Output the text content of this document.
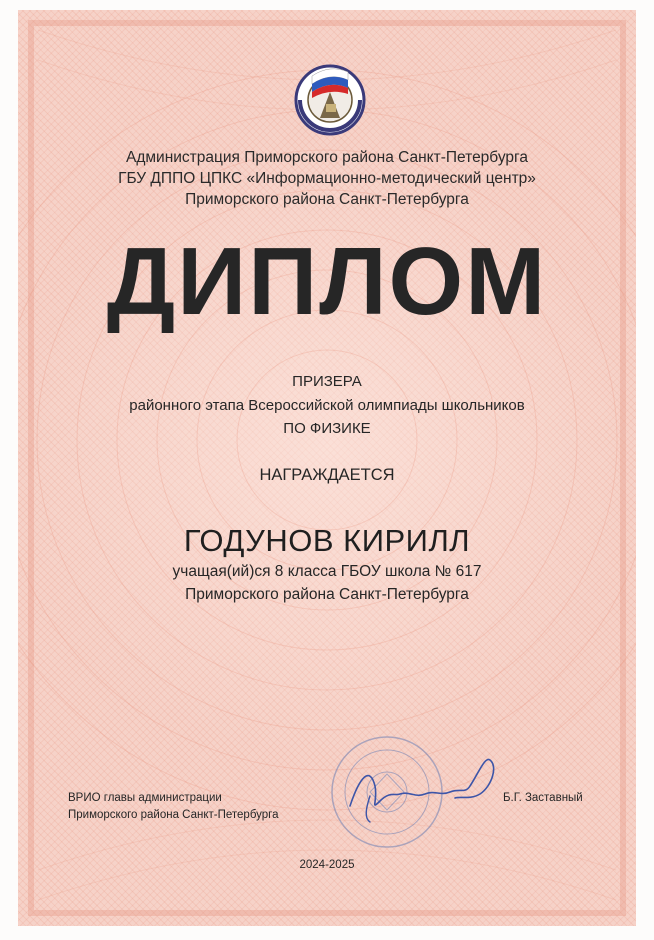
Администрация Приморского района Санкт-Петербурга
ГБУ ДППО ЦПКС «Информационно-методический центр»
Приморского района Санкт-Петербурга
ДИПЛОМ
ПРИЗЕРА
районного этапа Всероссийской олимпиады школьников
ПО ФИЗИКЕ
НАГРАЖДАЕТСЯ
ГОДУНОВ КИРИЛЛ
учащая(ий)ся 8 класса ГБОУ школа № 617
Приморского района Санкт-Петербурга
ВРИО главы администрации
Приморского района Санкт-Петербурга
Б.Г. Заставный
2024-2025
